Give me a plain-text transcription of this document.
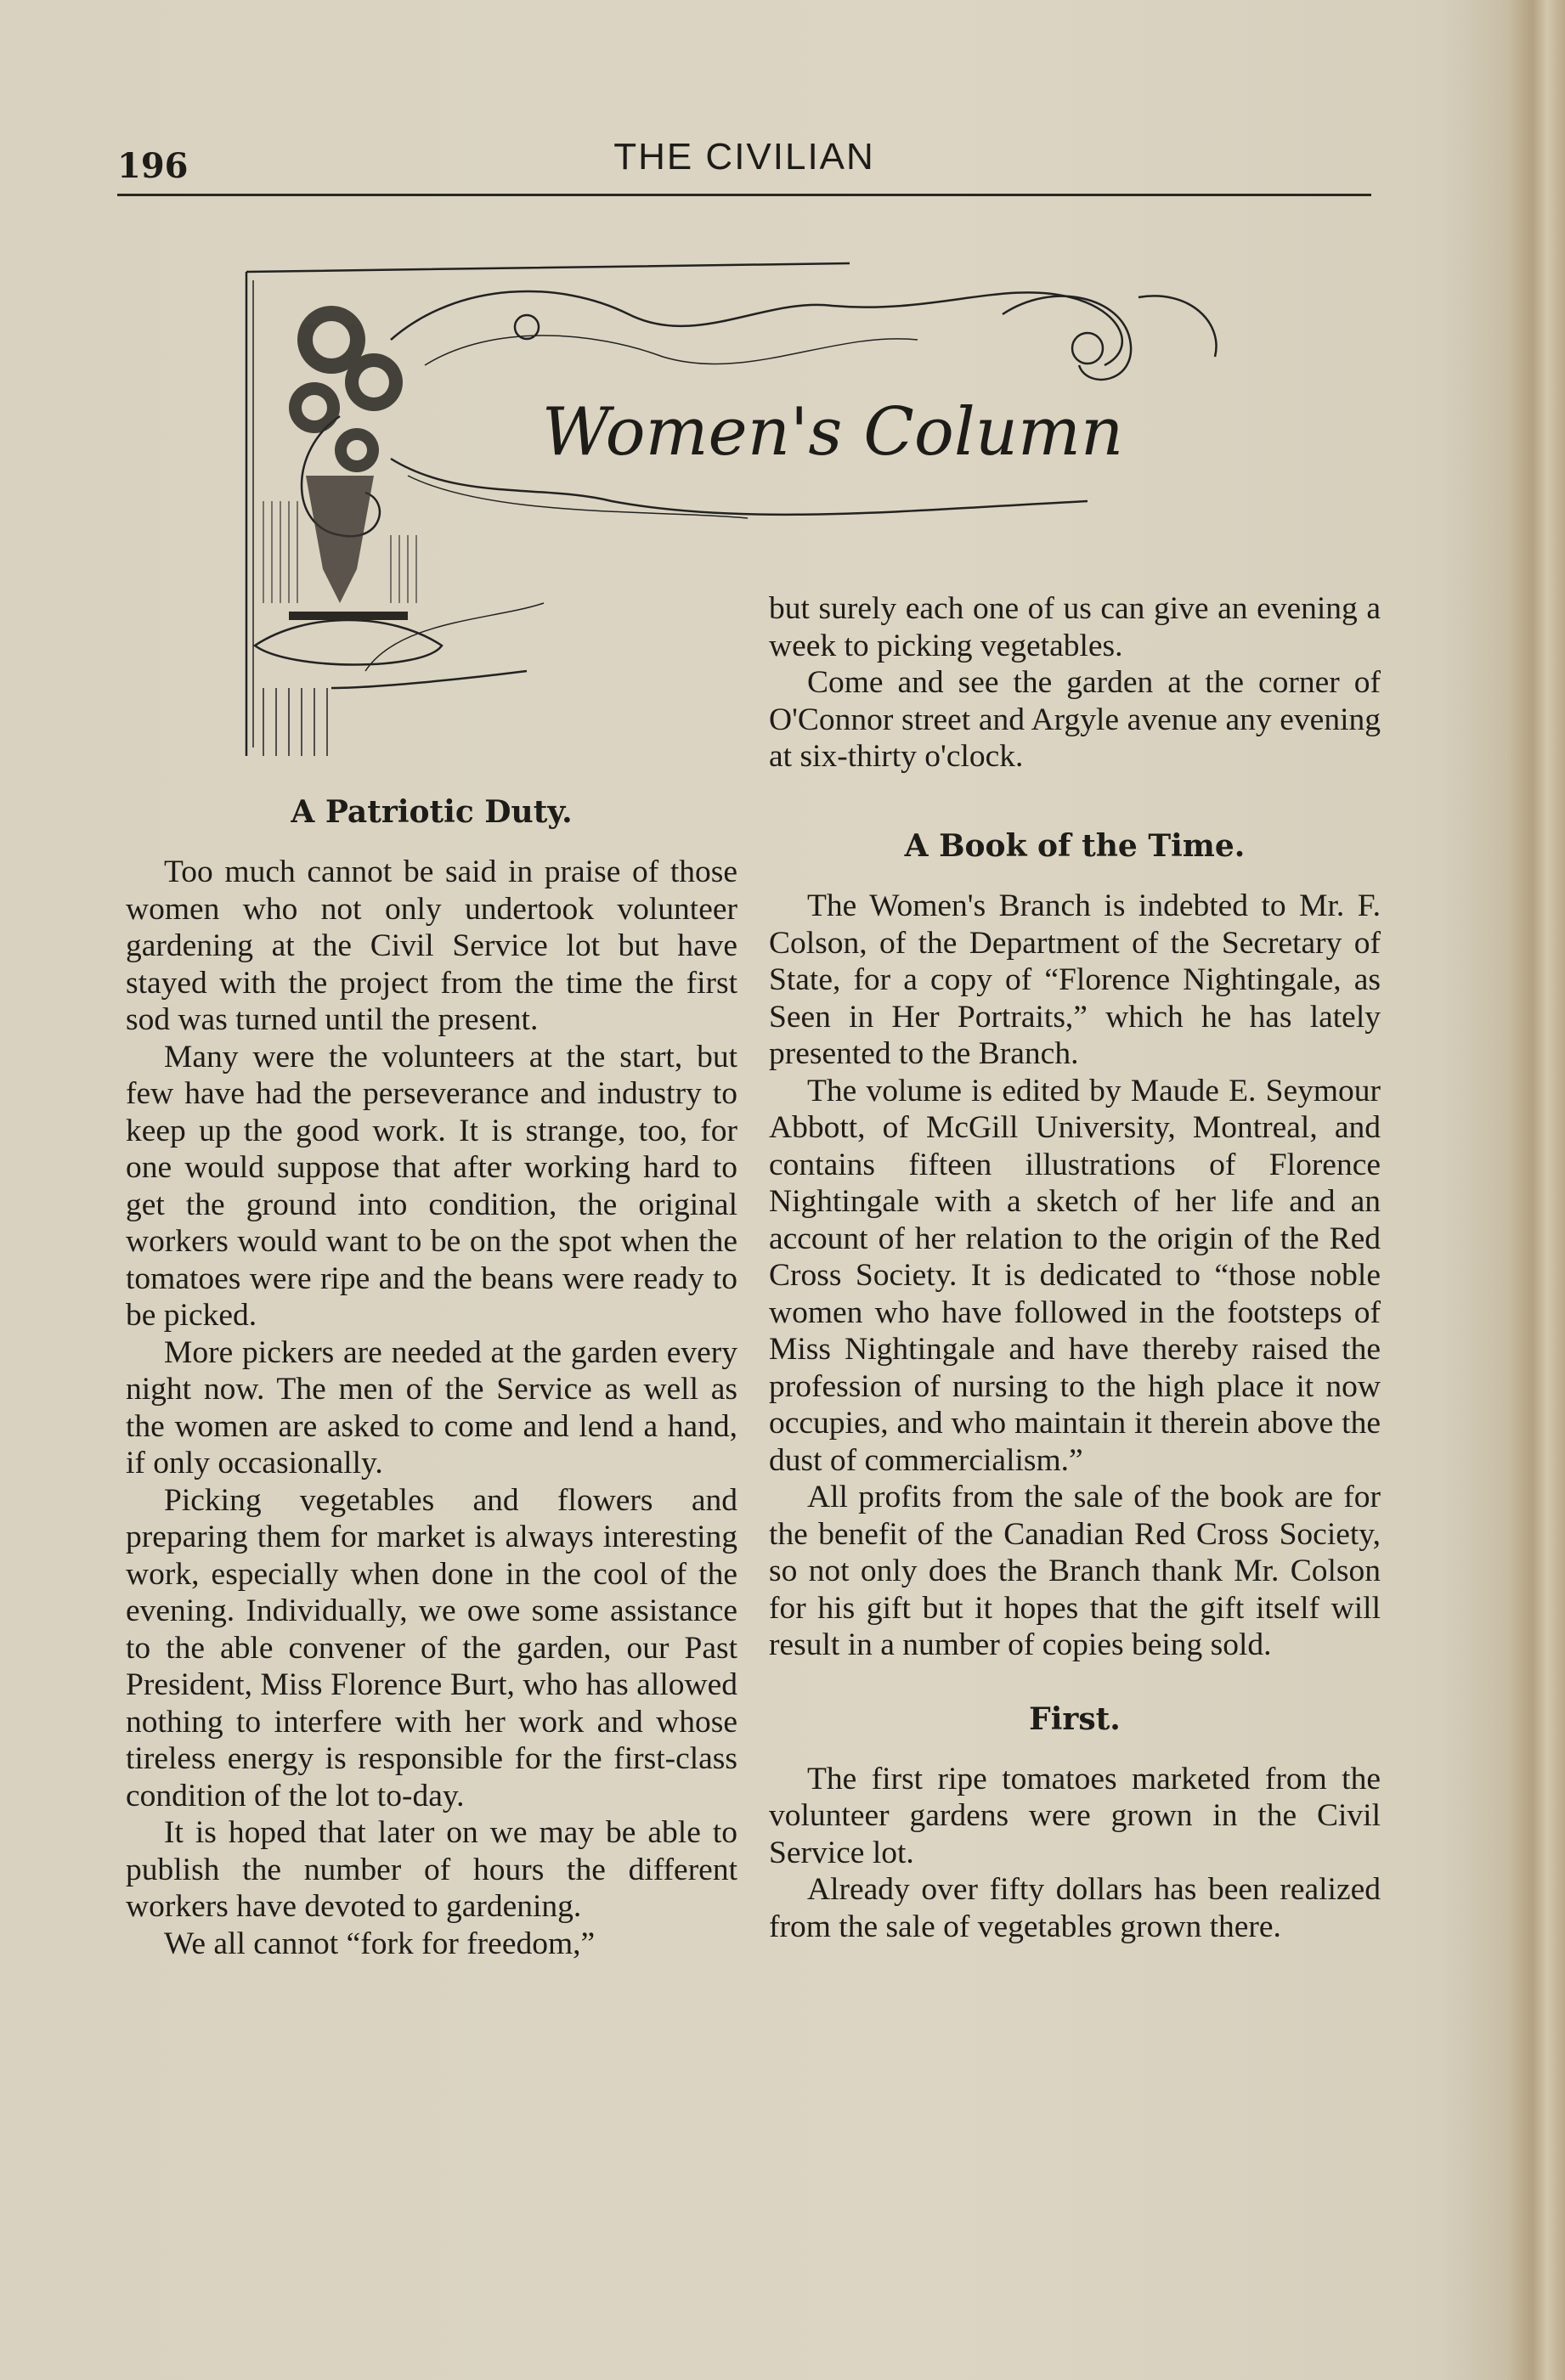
196	THE CIVILIAN
Women's Column
A Patriotic Duty.

Too much cannot be said in praise of those women who not only undertook volunteer gardening at the Civil Service lot but have stayed with the project from the time the first sod was turned until the present.

Many were the volunteers at the start, but few have had the perseverance and industry to keep up the good work. It is strange, too, for one would suppose that after working hard to get the ground into condition, the original workers would want to be on the spot when the tomatoes were ripe and the beans were ready to be picked.

More pickers are needed at the garden every night now. The men of the Service as well as the women are asked to come and lend a hand, if only occasionally.

Picking vegetables and flowers and preparing them for market is always interesting work, especially when done in the cool of the evening. Individually, we owe some assistance to the able convener of the garden, our Past President, Miss Florence Burt, who has allowed nothing to interfere with her work and whose tireless energy is responsible for the first-class condition of the lot to-day.

It is hoped that later on we may be able to publish the number of hours the different workers have devoted to gardening.

We all cannot “fork for freedom,”

but surely each one of us can give an evening a week to picking vegetables.

Come and see the garden at the corner of O'Connor street and Argyle avenue any evening at six-thirty o'clock.

A Book of the Time.

The Women's Branch is indebted to Mr. F. Colson, of the Department of the Secretary of State, for a copy of “Florence Nightingale, as Seen in Her Portraits,” which he has lately presented to the Branch.

The volume is edited by Maude E. Seymour Abbott, of McGill University, Montreal, and contains fifteen illustrations of Florence Nightingale with a sketch of her life and an account of her relation to the origin of the Red Cross Society. It is dedicated to “those noble women who have followed in the footsteps of Miss Nightingale and have thereby raised the profession of nursing to the high place it now occupies, and who maintain it therein above the dust of commercialism.”

All profits from the sale of the book are for the benefit of the Canadian Red Cross Society, so not only does the Branch thank Mr. Colson for his gift but it hopes that the gift itself will result in a number of copies being sold.

First.

The first ripe tomatoes marketed from the volunteer gardens were grown in the Civil Service lot.

Already over fifty dollars has been realized from the sale of vegetables grown there.
